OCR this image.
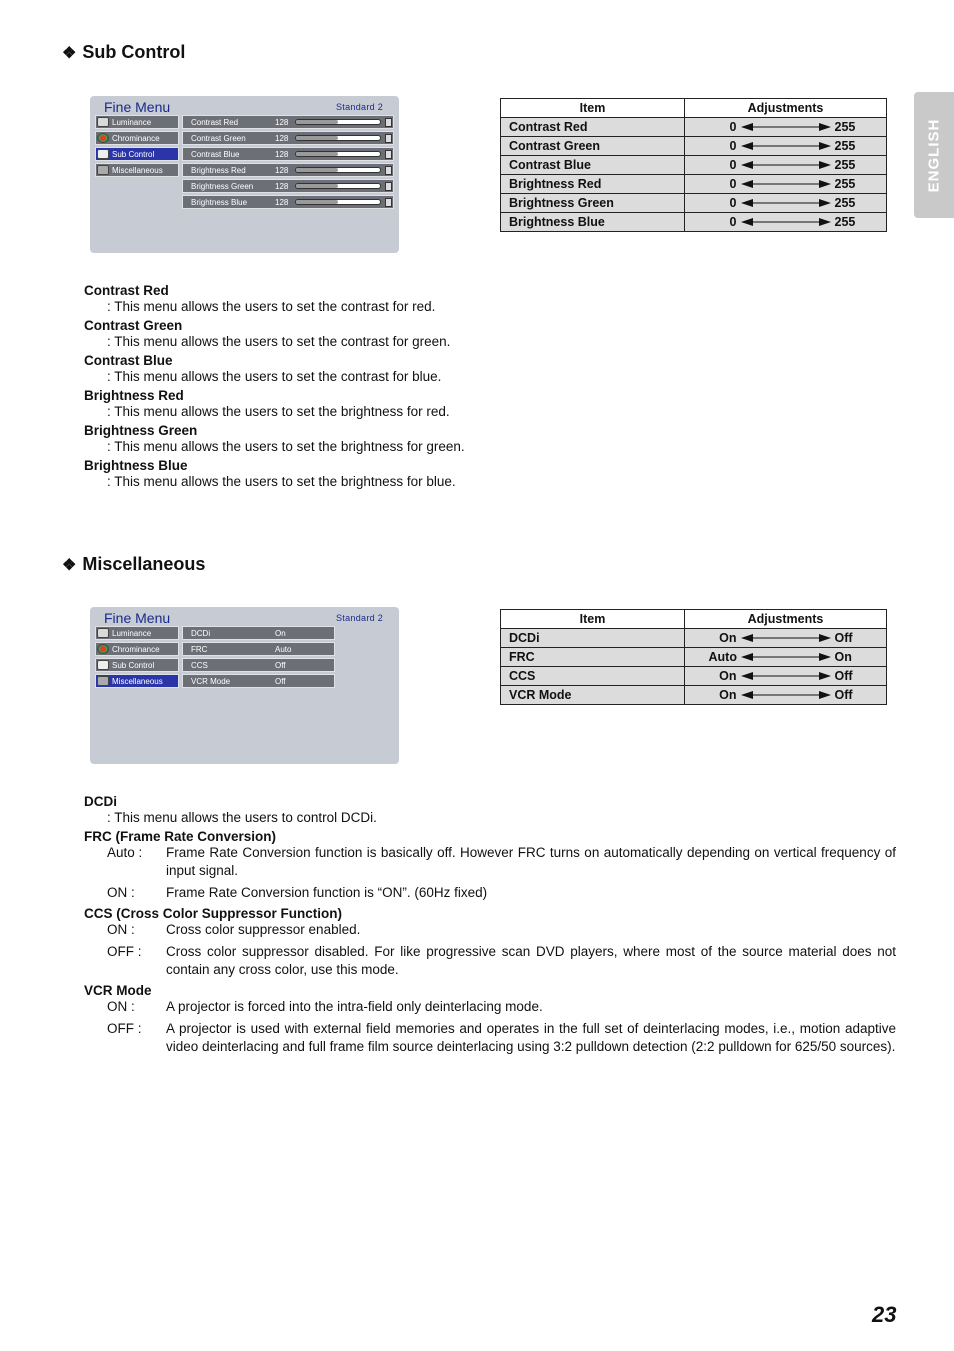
❖ Sub Control
Fine Menu	Standard 2
Luminance
Chrominance
Sub Control
Miscellaneous
Contrast Red	128
Contrast Green	128
Contrast Blue	128
Brightness Red	128
Brightness Green	128
Brightness Blue	128
Item	Adjustments
Contrast Red	0 255

Contrast Green	0 255

Contrast Blue	0 255

Brightness Red	0 255

Brightness Green	0 255

Brightness Blue	0 255
ENGLISH
Contrast Red

: This menu allows the users to set the contrast for red.

Contrast Green

: This menu allows the users to set the contrast for green.

Contrast Blue

: This menu allows the users to set the contrast for blue.

Brightness Red

: This menu allows the users to set the brightness for red.

Brightness Green

: This menu allows the users to set the brightness for green.

Brightness Blue

: This menu allows the users to set the brightness for blue.

❖ Miscellaneous
Fine Menu	Standard 2
Luminance
Chrominance
Sub Control
Miscellaneous
DCDi	On
FRC	Auto
CCS	Off
VCR Mode	Off
Item	Adjustments
DCDi	On Off

FRC	Auto On

CCS	On Off

VCR Mode	On Off
DCDi

: This menu allows the users to control DCDi.

FRC (Frame Rate Conversion)
Auto :	Frame Rate Conversion function is basically off. However FRC turns on automatically depending on vertical frequency of input signal.
ON :	Frame Rate Conversion function is “ON”. (60Hz fixed)
CCS (Cross Color Suppressor Function)
ON :	Cross color suppressor enabled.
OFF :	Cross color suppressor disabled. For like progressive scan DVD players, where most of the source material does not contain any cross color, use this mode.
VCR Mode
ON :	A projector is forced into the intra-field only deinterlacing mode.
OFF :	A projector is used with external field memories and operates in the full set of deinterlacing modes, i.e., motion adaptive video deinterlacing and full frame film source deinterlacing using 3:2 pulldown detection (2:2 pulldown for 625/50 sources).
23
